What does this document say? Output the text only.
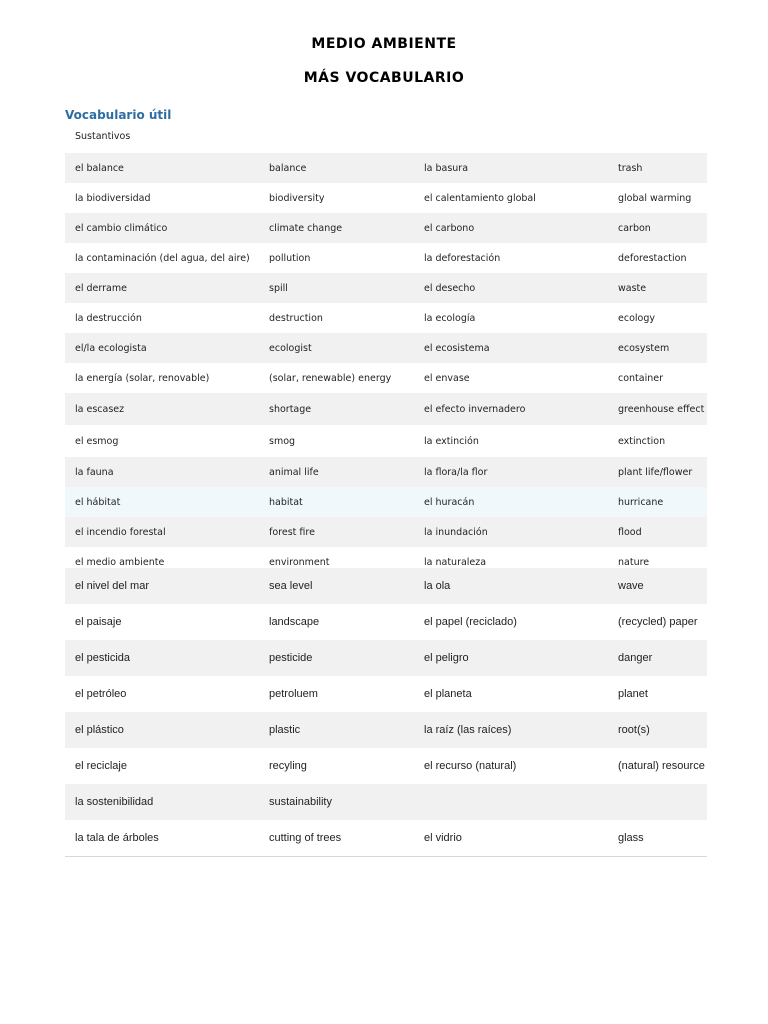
MEDIO AMBIENTE
MÁS VOCABULARIO
Vocabulario útil
Sustantivos
el balance	balance	la basura	trash
la biodiversidad	biodiversity	el calentamiento global	global warming
el cambio climático	climate change	el carbono	carbon
la contaminación (del agua, del aire)	pollution	la deforestación	deforestaction
el derrame	spill	el desecho	waste
la destrucción	destruction	la ecología	ecology
el/la ecologista	ecologist	el ecosistema	ecosystem
la energía (solar, renovable)	(solar, renewable) energy	el envase	container
la escasez	shortage	el efecto invernadero	greenhouse effect
el esmog	smog	la extinción	extinction
la fauna	animal life	la flora/la flor	plant life/flower
el hábitat	habitat	el huracán	hurricane
el incendio forestal	forest fire	la inundación	flood
el medio ambiente	environment	la naturaleza	nature
el nivel del mar	sea level	la ola	wave
el paisaje	landscape	el papel (reciclado)	(recycled) paper
el pesticida	pesticide	el peligro	danger
el petróleo	petroluem	el planeta	planet
el plástico	plastic	la raíz (las raíces)	root(s)
el reciclaje	recyling	el recurso (natural)	(natural) resource
la sostenibilidad	sustainability		
la tala de árboles	cutting of trees	el vidrio	glass
